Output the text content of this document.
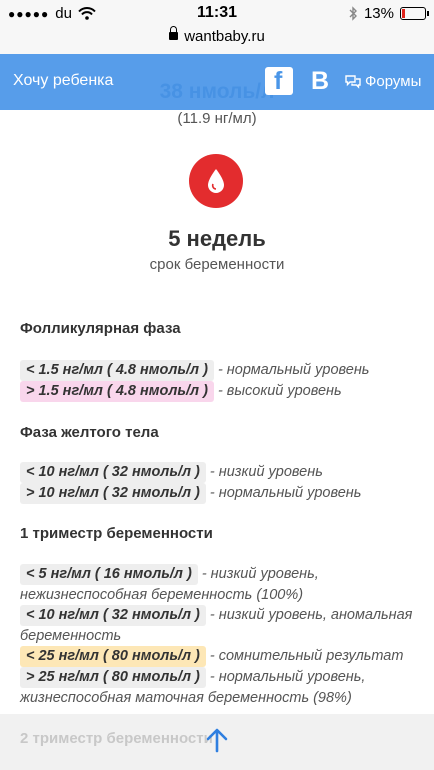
●●●●● du	11:31	13%
wantbaby.ru
Хочу ребенка	f B Форумы
(11.9 нг/мл)
5 недель
срок беременности
Фолликулярная фаза
< 1.5 нг/мл ( 4.8 нмоль/л ) - нормальный уровень
> 1.5 нг/мл ( 4.8 нмоль/л ) - высокий уровень
Фаза желтого тела
< 10 нг/мл ( 32 нмоль/л ) - низкий уровень
> 10 нг/мл ( 32 нмоль/л ) - нормальный уровень
1 триместр беременности
< 5 нг/мл ( 16 нмоль/л ) - низкий уровень,
нежизнеспособная беременность (100%)
< 10 нг/мл ( 32 нмоль/л ) - низкий уровень, аномальная
беременность
< 25 нг/мл ( 80 нмоль/л ) - сомнительный результат
> 25 нг/мл ( 80 нмоль/л ) - нормальный уровень,
жизнеспособная маточная беременность (98%)
2 триместр беременности
